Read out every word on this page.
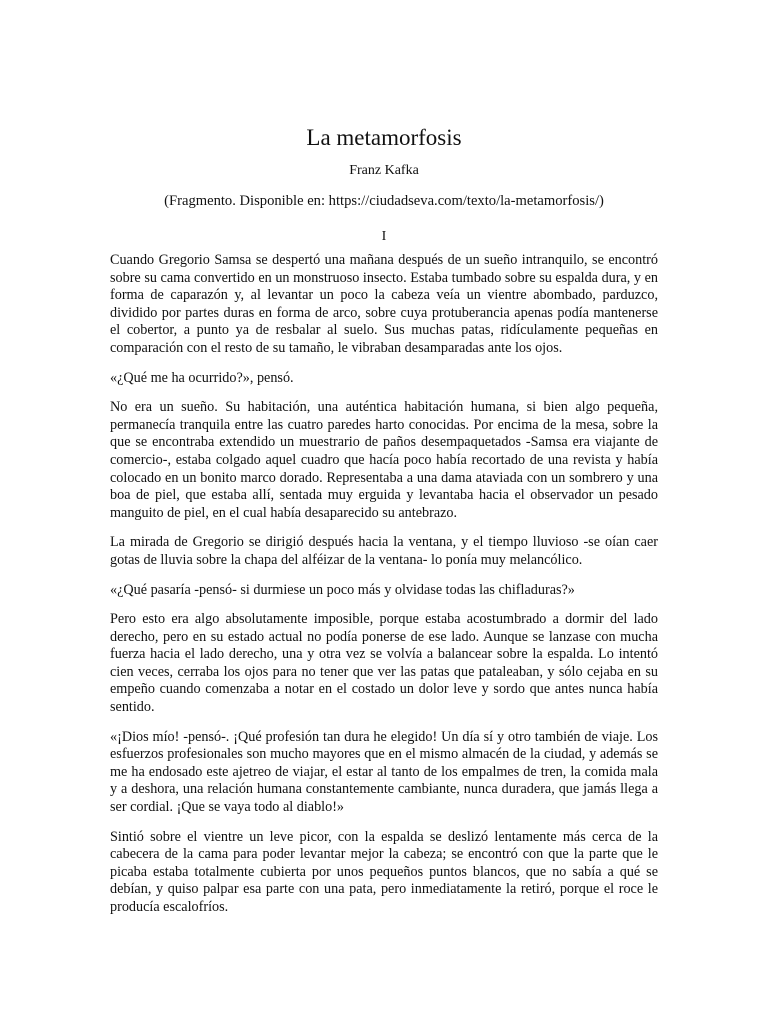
La metamorfosis
Franz Kafka
(Fragmento. Disponible en: https://ciudadseva.com/texto/la-metamorfosis/)
I

Cuando Gregorio Samsa se despertó una mañana después de un sueño intranquilo, se encontró sobre su cama convertido en un monstruoso insecto. Estaba tumbado sobre su espalda dura, y en forma de caparazón y, al levantar un poco la cabeza veía un vientre abombado, parduzco, dividido por partes duras en forma de arco, sobre cuya protuberancia apenas podía mantenerse el cobertor, a punto ya de resbalar al suelo. Sus muchas patas, ridículamente pequeñas en comparación con el resto de su tamaño, le vibraban desamparadas ante los ojos.

«¿Qué me ha ocurrido?», pensó.

No era un sueño. Su habitación, una auténtica habitación humana, si bien algo pequeña, permanecía tranquila entre las cuatro paredes harto conocidas. Por encima de la mesa, sobre la que se encontraba extendido un muestrario de paños desempaquetados -Samsa era viajante de comercio-, estaba colgado aquel cuadro que hacía poco había recortado de una revista y había colocado en un bonito marco dorado. Representaba a una dama ataviada con un sombrero y una boa de piel, que estaba allí, sentada muy erguida y levantaba hacia el observador un pesado manguito de piel, en el cual había desaparecido su antebrazo.

La mirada de Gregorio se dirigió después hacia la ventana, y el tiempo lluvioso -se oían caer gotas de lluvia sobre la chapa del alféizar de la ventana- lo ponía muy melancólico.

«¿Qué pasaría -pensó- si durmiese un poco más y olvidase todas las chifladuras?»

Pero esto era algo absolutamente imposible, porque estaba acostumbrado a dormir del lado derecho, pero en su estado actual no podía ponerse de ese lado. Aunque se lanzase con mucha fuerza hacia el lado derecho, una y otra vez se volvía a balancear sobre la espalda. Lo intentó cien veces, cerraba los ojos para no tener que ver las patas que pataleaban, y sólo cejaba en su empeño cuando comenzaba a notar en el costado un dolor leve y sordo que antes nunca había sentido.

«¡Dios mío! -pensó-. ¡Qué profesión tan dura he elegido! Un día sí y otro también de viaje. Los esfuerzos profesionales son mucho mayores que en el mismo almacén de la ciudad, y además se me ha endosado este ajetreo de viajar, el estar al tanto de los empalmes de tren, la comida mala y a deshora, una relación humana constantemente cambiante, nunca duradera, que jamás llega a ser cordial. ¡Que se vaya todo al diablo!»

Sintió sobre el vientre un leve picor, con la espalda se deslizó lentamente más cerca de la cabecera de la cama para poder levantar mejor la cabeza; se encontró con que la parte que le picaba estaba totalmente cubierta por unos pequeños puntos blancos, que no sabía a qué se debían, y quiso palpar esa parte con una pata, pero inmediatamente la retiró, porque el roce le producía escalofríos.
